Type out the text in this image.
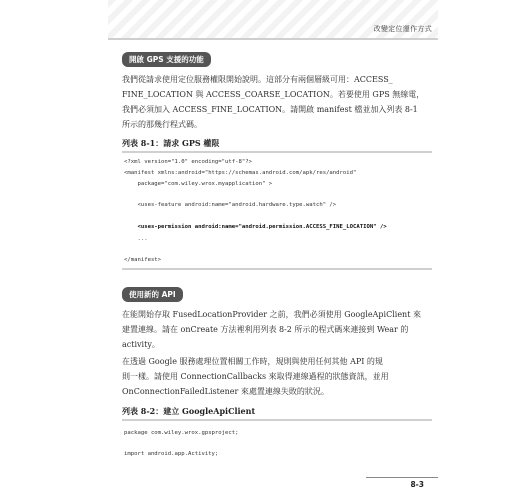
改變定位運作方式
開啟 GPS 支援的功能
我們從請求使用定位服務權限開始說明。這部分有兩個層級可用：ACCESS_
FINE_LOCATION 與 ACCESS_COARSE_LOCATION。若要使用 GPS 無線電，
我們必須加入 ACCESS_FINE_LOCATION。請開啟 manifest 檔並加入列表 8-1
所示的那幾行程式碼。
列表 8-1：請求 GPS 權限
<?xml version="1.0" encoding="utf-8"?>
<manifest xmlns:android="https://schemas.android.com/apk/res/android"
package="com.wiley.wrox.myapplication" >
<uses-feature android:name="android.hardware.type.watch" />
<uses-permission android:name="android.permission.ACCESS_FINE_LOCATION" />
...
</manifest>
使用新的 API
在能開始存取 FusedLocationProvider 之前，我們必須使用 GoogleApiClient 來
建置連線。請在 onCreate 方法裡利用列表 8-2 所示的程式碼來連接到 Wear 的
activity。
在透過 Google 服務處理位置相關工作時，規則與使用任何其他 API 的規
則一樣。請使用 ConnectionCallbacks 來取得連線過程的狀態資訊，並用
OnConnectionFailedListener 來處置連線失敗的狀況。
列表 8-2：建立 GoogleApiClient
package com.wiley.wrox.gpsproject;
import android.app.Activity;
8-3
